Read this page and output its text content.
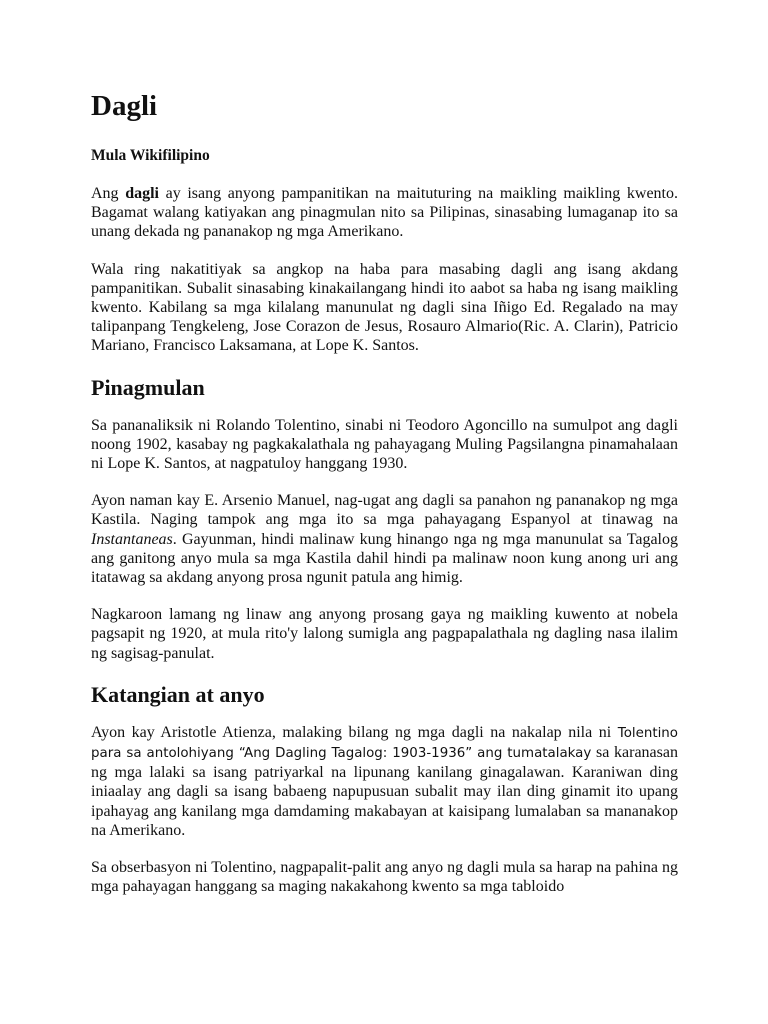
Dagli
Mula Wikifilipino

Ang dagli ay isang anyong pampanitikan na maituturing na maikling maikling kwento. Bagamat walang katiyakan ang pinagmulan nito sa Pilipinas, sinasabing lumaganap ito sa unang dekada ng pananakop ng mga Amerikano.

Wala ring nakatitiyak sa angkop na haba para masabing dagli ang isang akdang pampanitikan. Subalit sinasabing kinakailangang hindi ito aabot sa haba ng isang maikling kwento. Kabilang sa mga kilalang manunulat ng dagli sina Iñigo Ed. Regalado na may talipanpang Tengkeleng, Jose Corazon de Jesus, Rosauro Almario(Ric. A. Clarin), Patricio Mariano, Francisco Laksamana, at Lope K. Santos.

Pinagmulan

Sa pananaliksik ni Rolando Tolentino, sinabi ni Teodoro Agoncillo na sumulpot ang dagli noong 1902, kasabay ng pagkakalathala ng pahayagang Muling Pagsilangna pinamahalaan ni Lope K. Santos, at nagpatuloy hanggang 1930.

Ayon naman kay E. Arsenio Manuel, nag-ugat ang dagli sa panahon ng pananakop ng mga Kastila. Naging tampok ang mga ito sa mga pahayagang Espanyol at tinawag na Instantaneas. Gayunman, hindi malinaw kung hinango nga ng mga manunulat sa Tagalog ang ganitong anyo mula sa mga Kastila dahil hindi pa malinaw noon kung anong uri ang itatawag sa akdang anyong prosa ngunit patula ang himig.

Nagkaroon lamang ng linaw ang anyong prosang gaya ng maikling kuwento at nobela pagsapit ng 1920, at mula rito'y lalong sumigla ang pagpapalathala ng dagling nasa ilalim ng sagisag-panulat.

Katangian at anyo

Ayon kay Aristotle Atienza, malaking bilang ng mga dagli na nakalap nila ni Tolentino para sa antolohiyang “Ang Dagling Tagalog: 1903-1936” ang tumatalakay sa karanasan ng mga lalaki sa isang patriyarkal na lipunang kanilang ginagalawan. Karaniwan ding iniaalay ang dagli sa isang babaeng napupusuan subalit may ilan ding ginamit ito upang ipahayag ang kanilang mga damdaming makabayan at kaisipang lumalaban sa mananakop na Amerikano.

Sa obserbasyon ni Tolentino, nagpapalit-palit ang anyo ng dagli mula sa harap na pahina ng mga pahayagan hanggang sa maging nakakahong kwento sa mga tabloido
